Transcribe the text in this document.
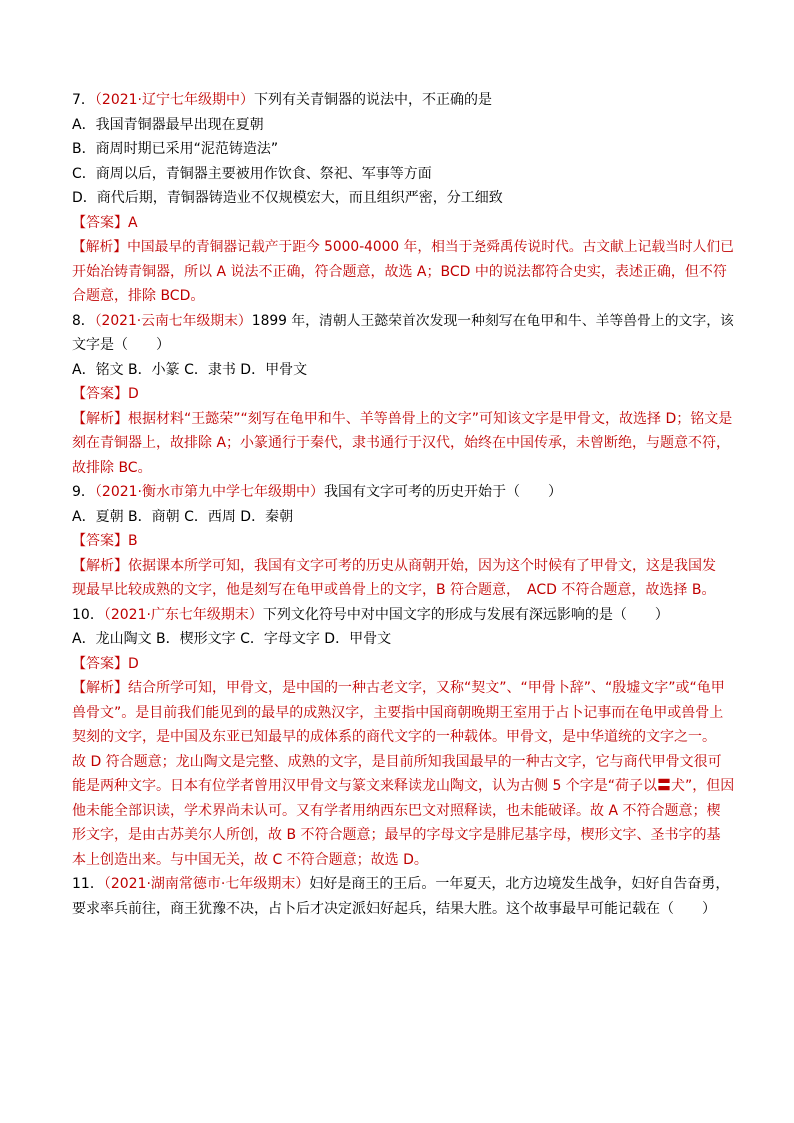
7．（2021·辽宁七年级期中）下列有关青铜器的说法中，不正确的是
A．我国青铜器最早出现在夏朝
B．商周时期已采用“泥范铸造法”
C．商周以后，青铜器主要被用作饮食、祭祀、军事等方面
D．商代后期，青铜器铸造业不仅规模宏大，而且组织严密，分工细致
【答案】A
【解析】中国最早的青铜器记载产于距今 5000-4000 年，相当于尧舜禹传说时代。古文献上记载当时人们已
开始冶铸青铜器，所以 A 说法不正确，符合题意，故选 A；BCD 中的说法都符合史实，表述正确，但不符
合题意，排除 BCD。
8．（2021·云南七年级期末）1899 年，清朝人王懿荣首次发现一种刻写在龟甲和牛、羊等兽骨上的文字，该
文字是（　　）
A．铭文 B．小篆 C．隶书 D．甲骨文
【答案】D
【解析】根据材料“王懿荣”“刻写在龟甲和牛、羊等兽骨上的文字”可知该文字是甲骨文，故选择 D；铭文是
刻在青铜器上，故排除 A；小篆通行于秦代，隶书通行于汉代，始终在中国传承，未曾断绝，与题意不符，
故排除 BC。
9．（2021·衡水市第九中学七年级期中）我国有文字可考的历史开始于（　　）
A．夏朝 B．商朝 C．西周 D．秦朝
【答案】B
【解析】依据课本所学可知，我国有文字可考的历史从商朝开始，因为这个时候有了甲骨文，这是我国发
现最早比较成熟的文字，他是刻写在龟甲或兽骨上的文字，B 符合题意，　ACD 不符合题意，故选择 B。
10．（2021·广东七年级期末）下列文化符号中对中国文字的形成与发展有深远影响的是（　　）
A．龙山陶文 B．楔形文字 C．字母文字 D．甲骨文
【答案】D
【解析】结合所学可知，甲骨文，是中国的一种古老文字，又称“契文”、“甲骨卜辞”、“殷墟文字”或“龟甲
兽骨文”。是目前我们能见到的最早的成熟汉字，主要指中国商朝晚期王室用于占卜记事而在龟甲或兽骨上
契刻的文字，是中国及东亚已知最早的成体系的商代文字的一种载体。甲骨文，是中华道统的文字之一。
故 D 符合题意；龙山陶文是完整、成熟的文字，是目前所知我国最早的一种古文字，它与商代甲骨文很可
能是两种文字。日本有位学者曾用汉甲骨文与篆文来释读龙山陶文，认为古侧 5 个字是“荷子以〓犬”，但因
他未能全部识读，学术界尚未认可。又有学者用纳西东巴文对照释读，也未能破译。故 A 不符合题意；楔
形文字，是由古苏美尔人所创，故 B 不符合题意；最早的字母文字是腓尼基字母，楔形文字、圣书字的基
本上创造出来。与中国无关，故 C 不符合题意；故选 D。
11．（2021·湖南常德市·七年级期末）妇好是商王的王后。一年夏天，北方边境发生战争，妇好自告奋勇，
要求率兵前往，商王犹豫不决，占卜后才决定派妇好起兵，结果大胜。这个故事最早可能记载在（　　）
